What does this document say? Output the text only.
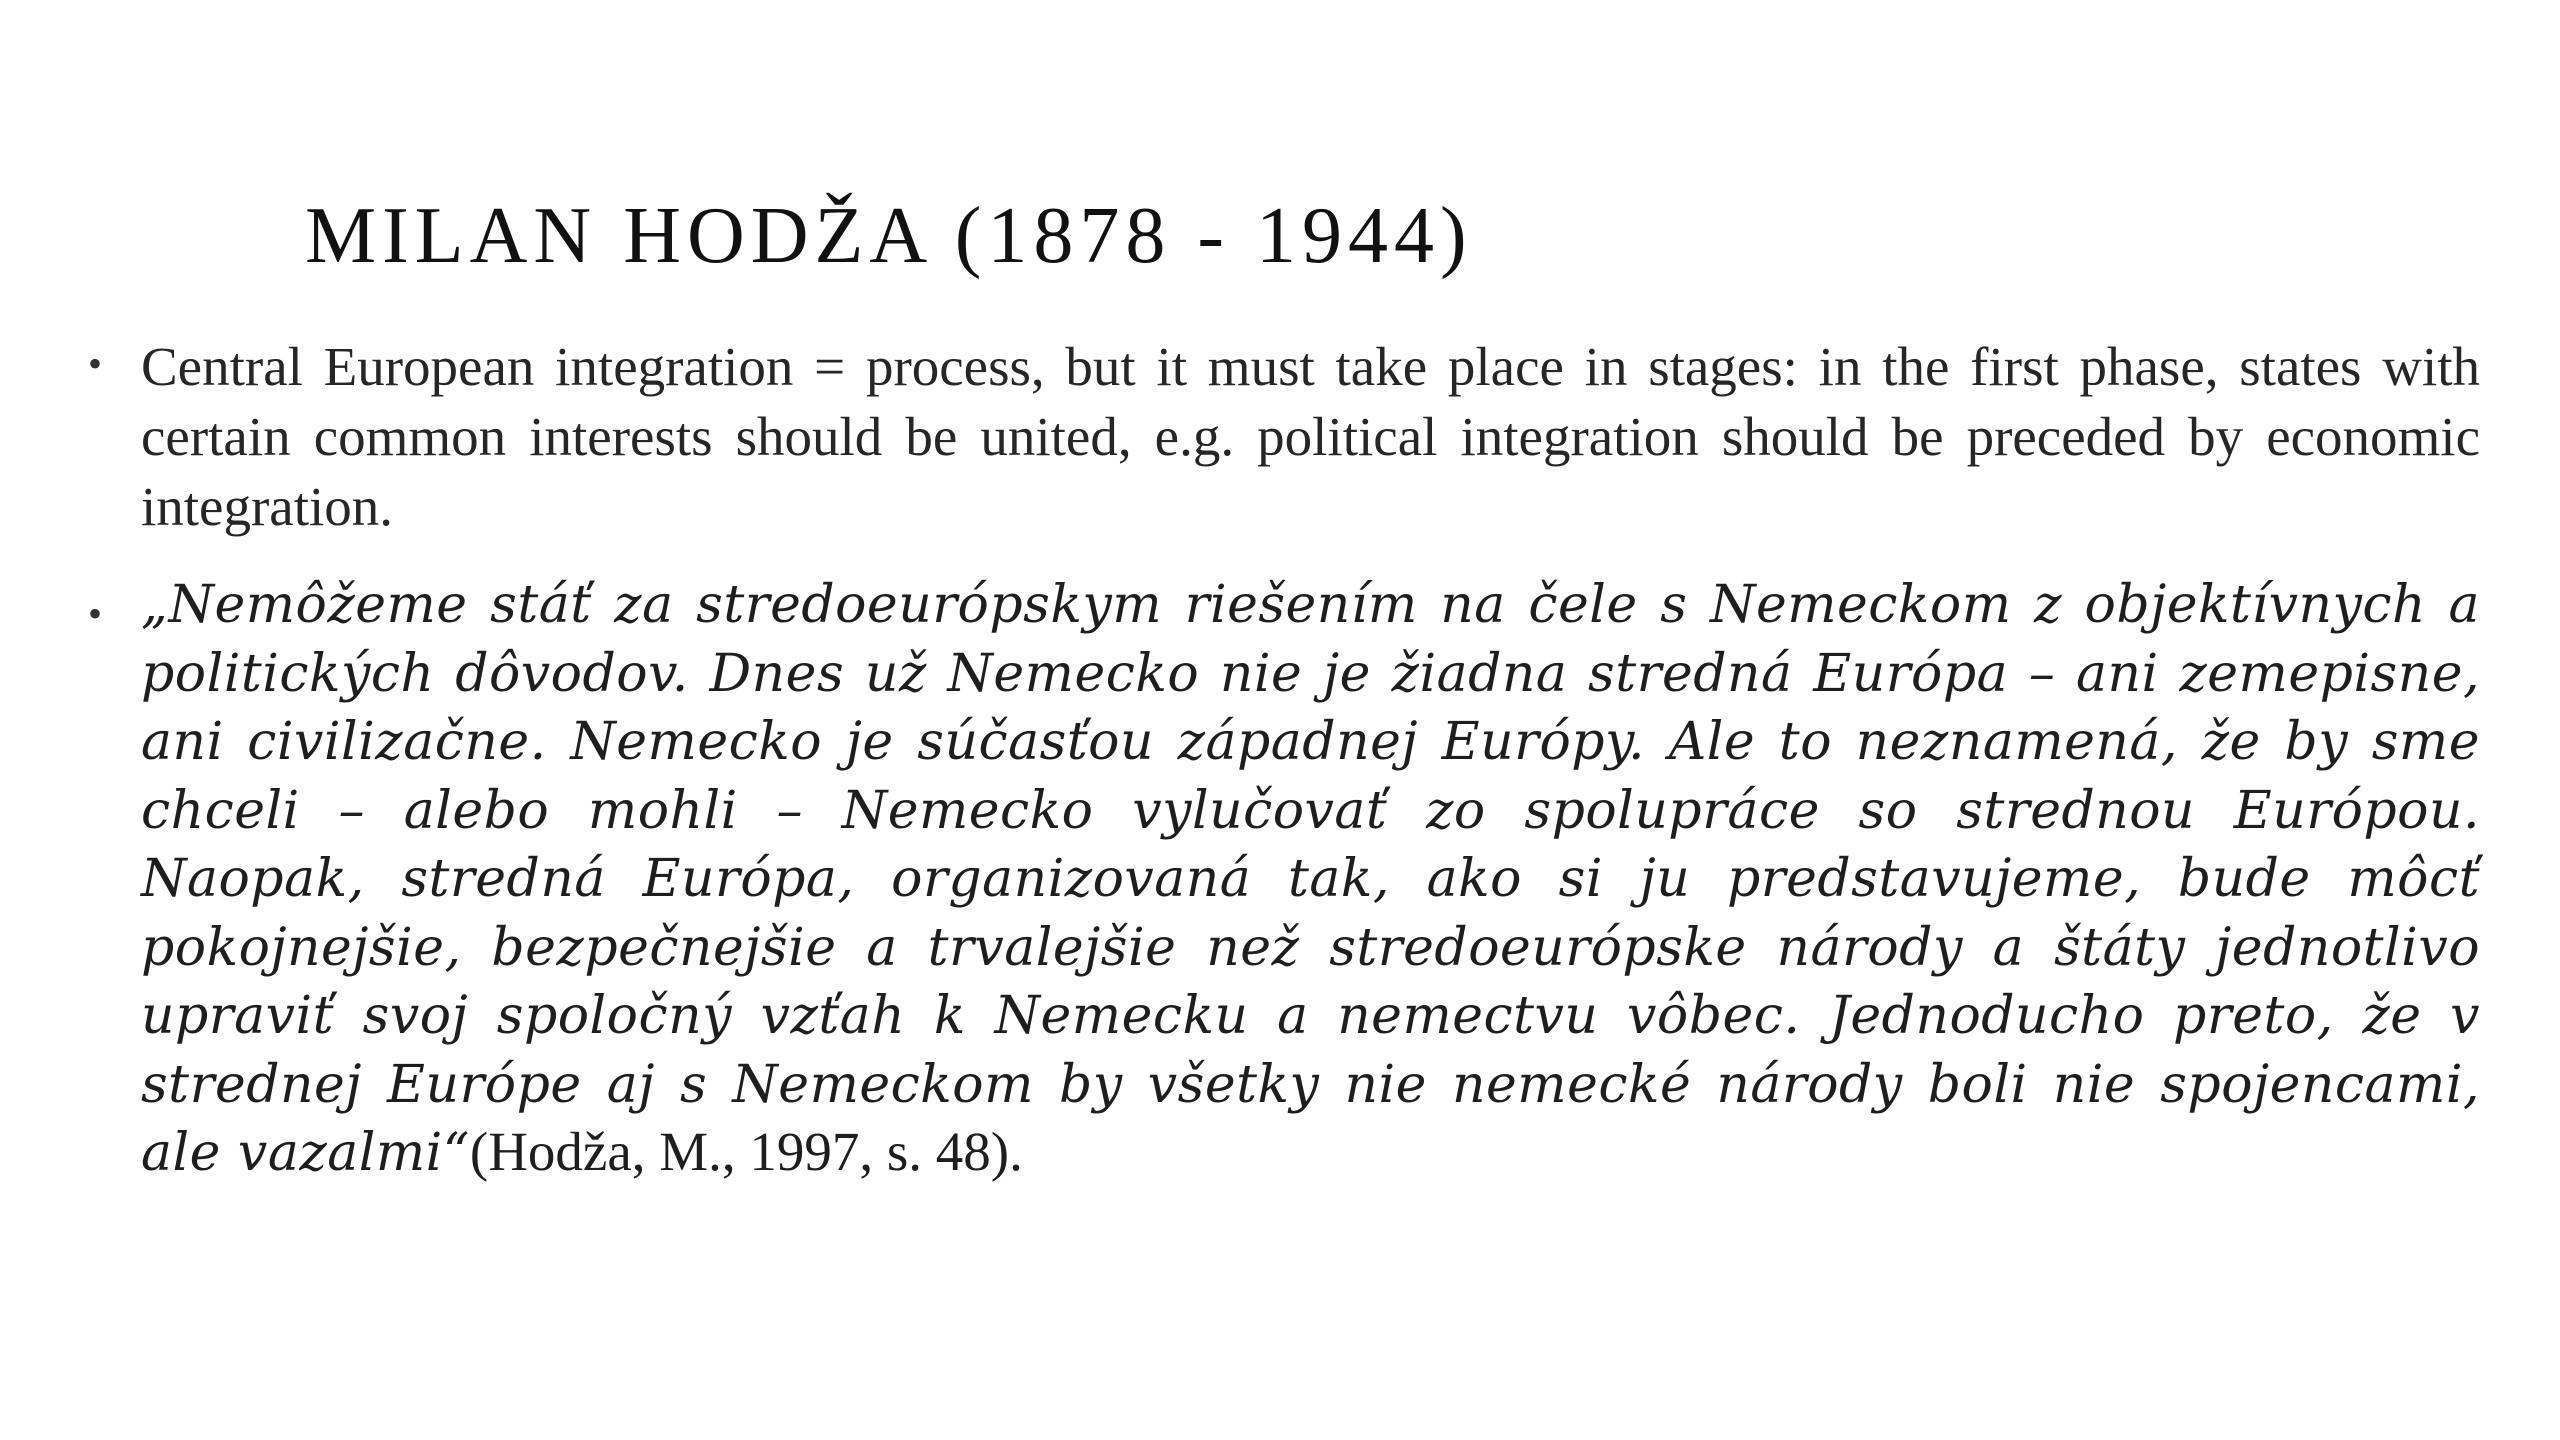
MILAN HODŽA (1878 - 1944)
• Central European integration = process, but it must take place in stages: in the first phase, states with certain common interests should be united, e.g. political integration should be preceded by economic integration.
• „Nemôžeme stáť za stredoeurópskym riešením na čele s Nemeckom z objektívnych a politických dôvodov. Dnes už Nemecko nie je žiadna stredná Európa – ani zemepisne, ani civilizačne. Nemecko je súčasťou západnej Európy. Ale to neznamená, že by sme chceli – alebo mohli – Nemecko vylučovať zo spolupráce so strednou Európou. Naopak, stredná Európa, organizovaná tak, ako si ju predstavujeme, bude môcť pokojnejšie, bezpečnejšie a trvalejšie než stredoeurópske národy a štáty jednotlivo upraviť svoj spoločný vzťah k Nemecku a nemectvu vôbec. Jednoducho preto, že v strednej Európe aj s Nemeckom by všetky nie nemecké národy boli nie spojencami, ale vazalmi“(Hodža, M., 1997, s. 48).
